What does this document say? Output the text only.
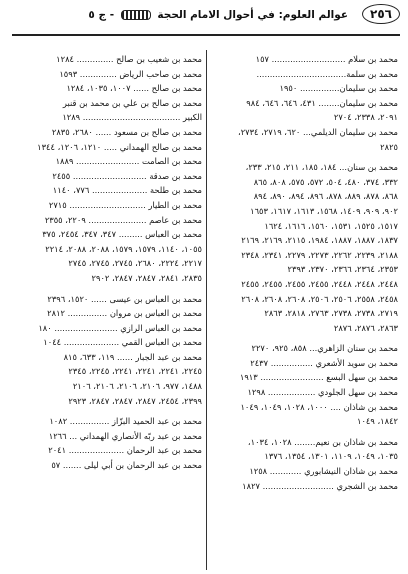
٢٥٦
عوالم العلوم: في أحوال الامام الحجة  - ج ٥

محمد بن سلام ............................ ١٥٧

محمد بن سلمة..................................

محمد بن سليمان............... ١٩٥٠

محمد بن سليمان........ ٤٣١، ٦٤٦، ٦٤٦، ٩٨٤

٢٠٩١، ٢٣٣٨، ٢٧٠٤

محمد بن سليمان الديلمي... ٦٢٠، ٢٧١٩، ٢٧٣٤،

٢٨٢٥

محمد بن سنان... ١٨٤، ١٨٥، ٢١١، ٢١٥، ٢٣٣،

٣٣٢، ٣٧٤، ٤٨٠، ٥٠٤، ٥٧٢، ٥٧٥، ٨٠٨، ٨٦٥

٨٦٨، ٨٧٨، ٨٨٩، ٨٧٨، ٨٩٦، ٨٩٤، ٨٩٠، ٨٩٤

٩٠٢، ٩٠٩، ١٤٠٩، ١٥٦٨، ١٦١٣، ١٦١٧، ١٦٥٣

١٥١٧، ١٥٢٥، ١٥٣١، ١٥٦٠، ١٦١٦، ١٦٢٤

١٨٣٧، ١٨٨٧، ١٨٨٧، ١٩٨٤، ٢١١٥، ٢١٦٩، ٢١٦٩

٢١٨٨، ٢٢٣٩، ٢٢٦٢، ٢٢٧٣، ٢٢٧٩، ٢٣٤١، ٢٣٤٨

٢٣٥٣، ٢٣٦٤، ٢٣٦٦، ٢٣٧٠، ٢٣٩٣

٢٤٤٨، ٢٤٤٨، ٢٤٤٨، ٢٤٥٥، ٢٤٥٥، ٢٤٥٥، ٢٤٥٥

٢٤٥٨، ٢٥٥٨، ٢٥٠٦، ٢٥٠٦، ٢٦٠٨، ٢٦٠٨، ٢٦٠٨

٢٧١٩، ٢٧٣٨، ٢٧٣٨، ٢٧٦٣، ٢٨١٨، ٢٨٦٣

٢٨٦٣، ٢٨٧٦، ٢٨٧٦

محمد بن سنان الزاهري... ٨٥٨، ٩٢٥، ٢٢٧٠

محمد بن سويد الأشعري ................ ٢٤٣٧

محمد بن سهل البسع ........................ ١٩١٣

محمد بن سهل الجلودي .................. ١٢٩٨

محمد بن شاذان .... ١٠٠٠، ١٠٢٨، ١٠٤٩، ١٠٤٩

١٨٤٢، ١٠٤٩

محمد بن شاذان بن نعيم........ ١٠٢٨، ١٠٣٤،

١٠٣٥، ١٠٤٩، ١١٠٩، ١٣٠١، ١٣٥٤، ١٣٧٦

محمد بن شاذان النيشابوري ............ ١٢٥٨

محمد بن الشجري ........................... ١٨٢٧

محمد بن شعيب بن صالح .............. ١٢٨٤

محمد بن صاحب الرياض .............. ١٥٩٣

محمد بن صالح ...... ١٠٠٧، ١٠٣٥، ١٢٨٤

محمد بن صالح بن علي بن محمد بن قنبر

الكبير ..................................... ١٢٨٩

محمد بن صالح بن مسعود ...... ٢٦٨٠، ٢٨٣٥

محمد بن صالح الهمداني ..... ١٢١٠، ١٢٠٦، ١٣٤٤

محمد بن الصامت ........................ ١٨٨٩

محمد بن صدقة ............................ ٢٤٥٥

محمد بن طلحة ..................... ٧٧٦، ١١٤٠

محمد بن الطيار ............................. ٢٧١٥

محمد بن عاصم ...................... ٢٢٠٩، ٢٣٥٥

محمد بن العباس ......... ٣٤٧، ٣٤٧، ٢٤٥٤، ٣٧٥

١٠٥٥، ١١٤٠، ١٥٧٩، ١٥٧٩، ٢٠٨٨، ٢٠٨٨، ٢٢١٤

٢٢١٧، ٢٢٢٤، ٢٦٨٠، ٢٧٤٥، ٢٧٤٥، ٢٧٤٥

٢٨٣٥، ٢٨٤١، ٢٨٤٧، ٢٨٤٧، ٢٩٠٢

محمد بن العباس بن عيسى ...... ١٥٢٠، ٢٣٩٦

محمد بن العباس بن مروان ............... ٢٨١٢

محمد بن العباس الرازي ........................ ١٨٠

محمد بن العباس القمي ..................... ١٠٤٤

محمد بن عبد الجبار ...... ١١٩، ٦٣٣، ٨١٥

٢٢٤٥، ٢٢٤١، ٢٢٤١، ٢٢٤١، ٢٢٤٥، ٢٣٤٥

١٤٨٨، ٩٧٧، ٢١٠٦، ٢١٠٦، ٢١٠٦، ٢١٠٦

٢٣٩٩، ٢٤٥٤، ٢٨٤٧، ٢٨٤٧، ٢٨٤٧، ٢٩٢٣

محمد بن عبد الحميد البزّاز ............... ١٠٨٢

محمد بن عبد ربّه الأنصاري الهمداني ... ١٢٦٦

محمد بن عبد الرحمان ..................... ٢٠٤١

محمد بن عبد الرحمان بن أبي ليلى ....... ٥٧
